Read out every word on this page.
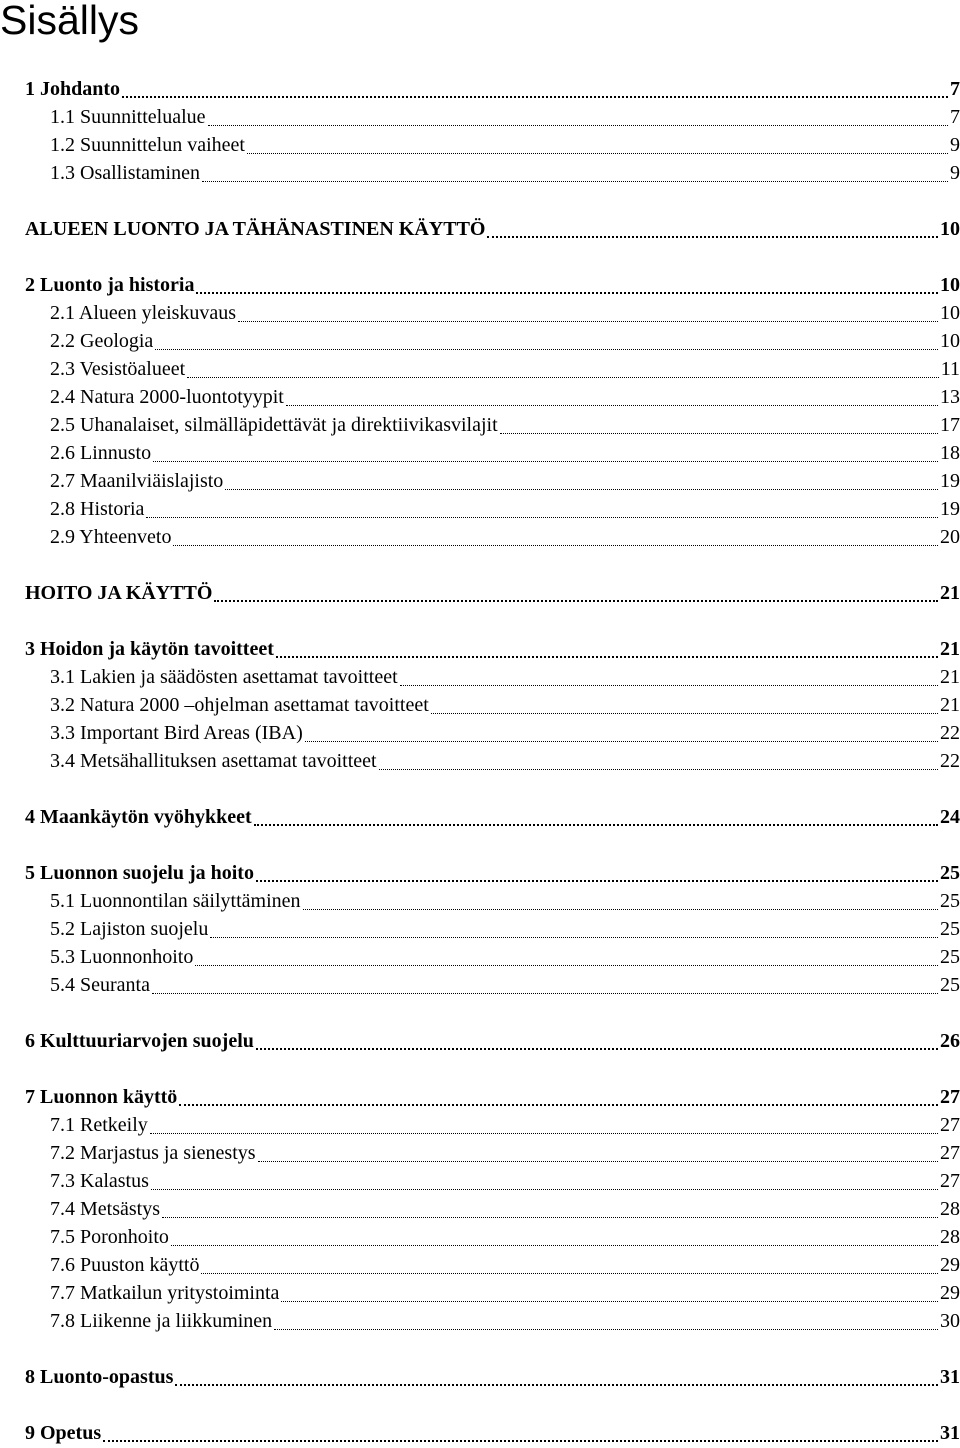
Sisällys
1 Johdanto	7
1.1 Suunnittelualue	7
1.2 Suunnittelun vaiheet	9
1.3 Osallistaminen	9
ALUEEN LUONTO JA TÄHÄNASTINEN KÄYTTÖ	10
2 Luonto ja historia	10
2.1 Alueen yleiskuvaus	10
2.2 Geologia	10
2.3 Vesistöalueet	11
2.4 Natura 2000-luontotyypit	13
2.5 Uhanalaiset, silmälläpidettävät ja direktiivikasvilajit	17
2.6 Linnusto	18
2.7 Maanilviäislajisto	19
2.8 Historia	19
2.9 Yhteenveto	20
HOITO JA KÄYTTÖ	21
3 Hoidon ja käytön tavoitteet	21
3.1 Lakien ja säädösten asettamat tavoitteet	21
3.2 Natura 2000 –ohjelman asettamat tavoitteet	21
3.3 Important Bird Areas (IBA)	22
3.4 Metsähallituksen asettamat tavoitteet	22
4 Maankäytön vyöhykkeet	24
5 Luonnon suojelu ja hoito	25
5.1 Luonnontilan säilyttäminen	25
5.2 Lajiston suojelu	25
5.3 Luonnonhoito	25
5.4 Seuranta	25
6 Kulttuuriarvojen suojelu	26
7 Luonnon käyttö	27
7.1 Retkeily	27
7.2 Marjastus ja sienestys	27
7.3 Kalastus	27
7.4 Metsästys	28
7.5 Poronhoito	28
7.6 Puuston käyttö	29
7.7 Matkailun yritystoiminta	29
7.8 Liikenne ja liikkuminen	30
8 Luonto-opastus	31
9 Opetus	31
